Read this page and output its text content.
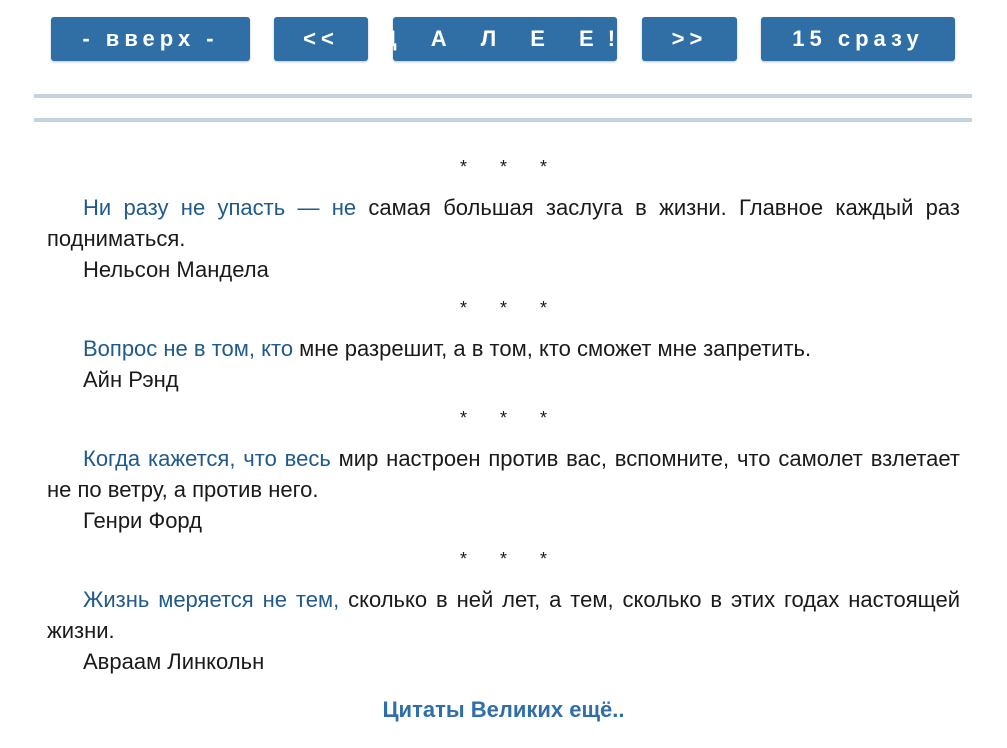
- вверх -	<<	Д А Л Е Е!	>>	15 сразу
* * *

Ни разу не упасть — не самая большая заслуга в жизни. Главное каждый раз подниматься.

Нельсон Мандела
* * *

Вопрос не в том, кто мне разрешит, а в том, кто сможет мне запретить.

Айн Рэнд
* * *

Когда кажется, что весь мир настроен против вас, вспомните, что самолет взлетает не по ветру, а против него.

Генри Форд
* * *

Жизнь меряется не тем, сколько в ней лет, а тем, сколько в этих годах настоящей жизни.

Авраам Линкольн
Цитаты Великих ещё..
